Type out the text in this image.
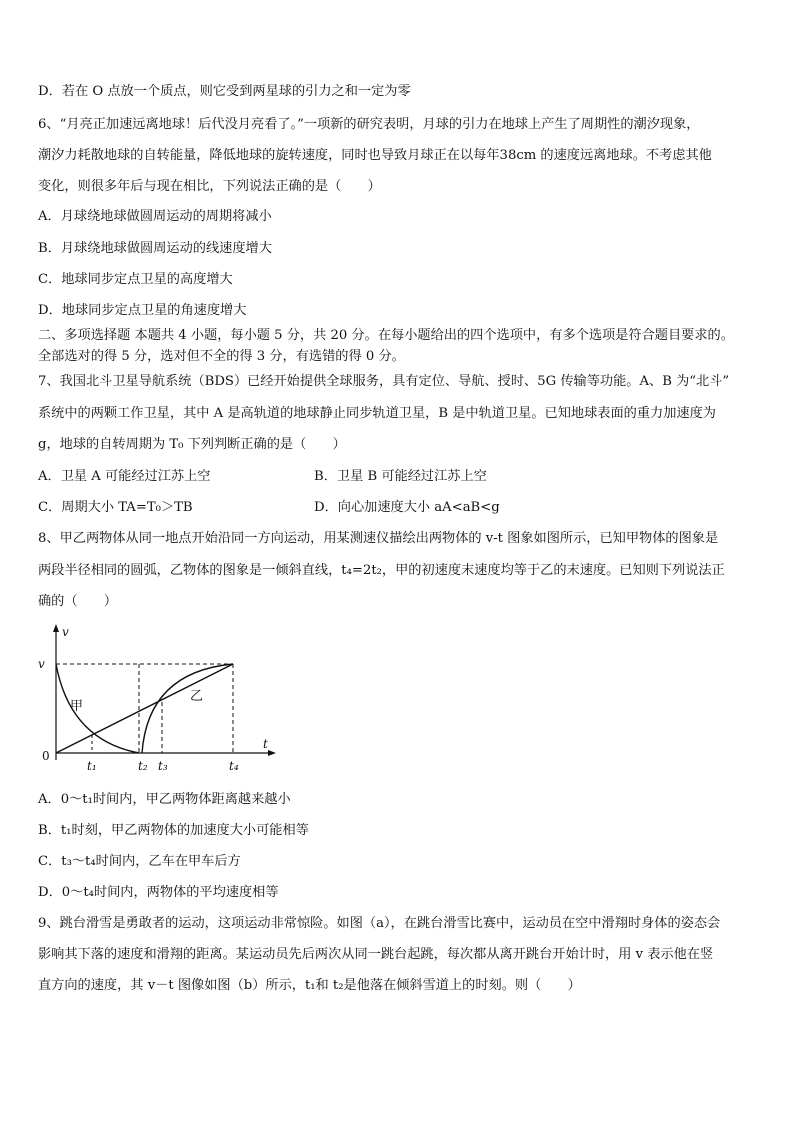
D．若在 O 点放一个质点，则它受到两星球的引力之和一定为零
6、“月亮正加速远离地球！后代没月亮看了。”一项新的研究表明，月球的引力在地球上产生了周期性的潮汐现象，
潮汐力耗散地球的自转能量，降低地球的旋转速度，同时也导致月球正在以每年38cm 的速度远离地球。不考虑其他
变化，则很多年后与现在相比，下列说法正确的是（　　）
A．月球绕地球做圆周运动的周期将减小
B．月球绕地球做圆周运动的线速度增大
C．地球同步定点卫星的高度增大
D．地球同步定点卫星的角速度增大
二、多项选择题 本题共 4 小题，每小题 5 分，共 20 分。在每小题给出的四个选项中，有多个选项是符合题目要求的。
全部选对的得 5 分，选对但不全的得 3 分，有选错的得 0 分。
7、我国北斗卫星导航系统（BDS）已经开始提供全球服务，具有定位、导航、授时、5G 传输等功能。A、B 为“北斗”
系统中的两颗工作卫星，其中 A 是高轨道的地球静止同步轨道卫星，B 是中轨道卫星。已知地球表面的重力加速度为
g，地球的自转周期为 T₀ 下列判断正确的是（　　）
A．卫星 A 可能经过江苏上空	B．卫星 B 可能经过江苏上空
C．周期大小 TA=T₀＞TB	D．向心加速度大小 aA<aB<g
8、甲乙两物体从同一地点开始沿同一方向运动，用某测速仪描绘出两物体的 v-t 图象如图所示，已知甲物体的图象是
两段半径相同的圆弧，乙物体的图象是一倾斜直线，t₄=2t₂，甲的初速度末速度均等于乙的末速度。已知则下列说法正
确的（　　）
v
t
v
0
甲
乙
t₁	t₂ t₃	t₄
A．0～t₁时间内，甲乙两物体距离越来越小
B．t₁时刻，甲乙两物体的加速度大小可能相等
C．t₃～t₄时间内，乙车在甲车后方
D．0～t₄时间内，两物体的平均速度相等
9、跳台滑雪是勇敢者的运动，这项运动非常惊险。如图（a），在跳台滑雪比赛中，运动员在空中滑翔时身体的姿态会
影响其下落的速度和滑翔的距离。某运动员先后两次从同一跳台起跳，每次都从离开跳台开始计时，用 v 表示他在竖
直方向的速度，其 v－t 图像如图（b）所示，t₁和 t₂是他落在倾斜雪道上的时刻。则（　　）
